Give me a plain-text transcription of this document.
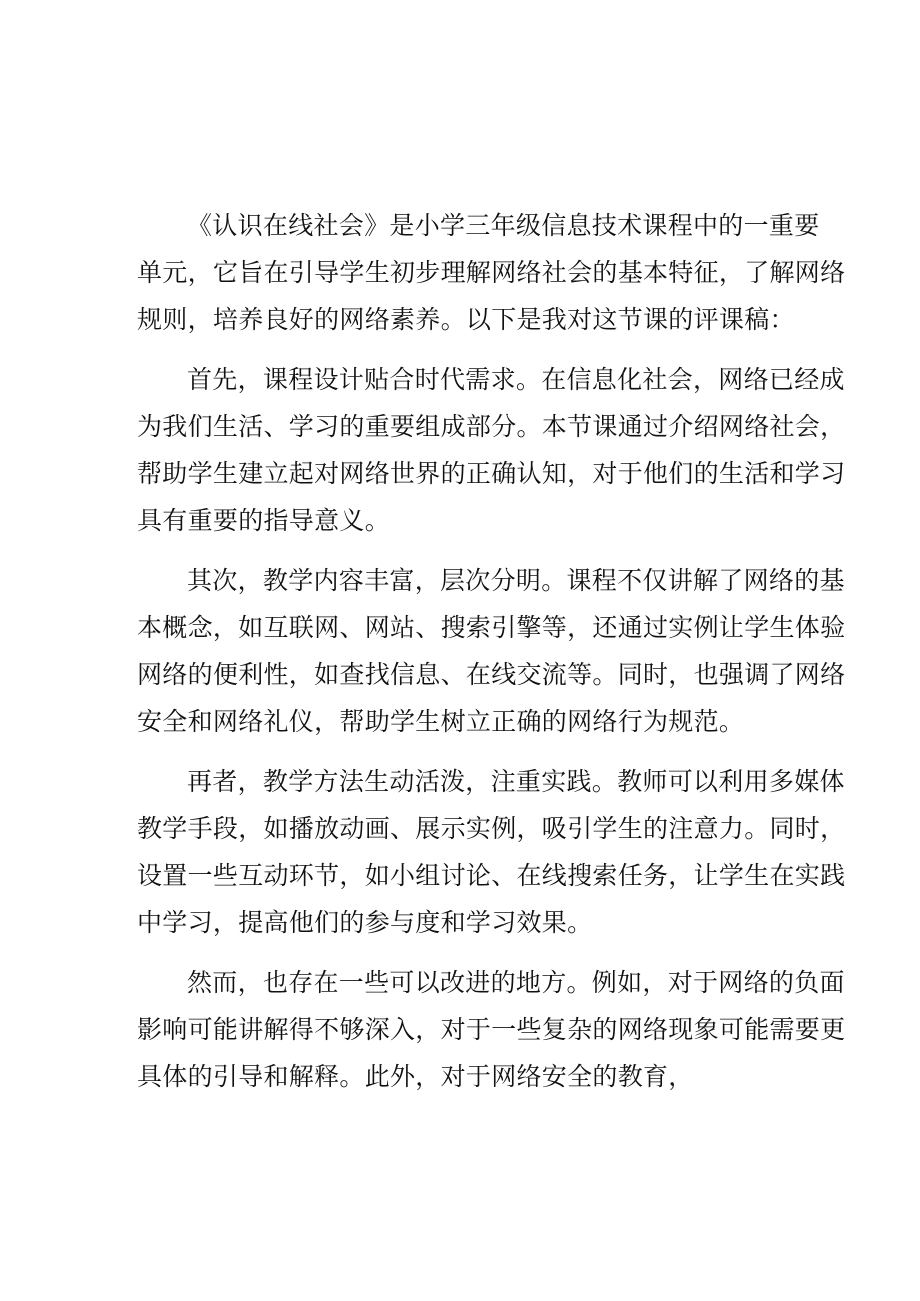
《认识在线社会》是小学三年级信息技术课程中的一重要
单元，它旨在引导学生初步理解网络社会的基本特征，了解网络
规则，培养良好的网络素养。以下是我对这节课的评课稿：
首先，课程设计贴合时代需求。在信息化社会，网络已经成
为我们生活、学习的重要组成部分。本节课通过介绍网络社会，
帮助学生建立起对网络世界的正确认知，对于他们的生活和学习
具有重要的指导意义。
其次，教学内容丰富，层次分明。课程不仅讲解了网络的基
本概念，如互联网、网站、搜索引擎等，还通过实例让学生体验
网络的便利性，如查找信息、在线交流等。同时，也强调了网络
安全和网络礼仪，帮助学生树立正确的网络行为规范。
再者，教学方法生动活泼，注重实践。教师可以利用多媒体
教学手段，如播放动画、展示实例，吸引学生的注意力。同时，
设置一些互动环节，如小组讨论、在线搜索任务，让学生在实践
中学习，提高他们的参与度和学习效果。
然而，也存在一些可以改进的地方。例如，对于网络的负面
影响可能讲解得不够深入，对于一些复杂的网络现象可能需要更
具体的引导和解释。此外，对于网络安全的教育，
